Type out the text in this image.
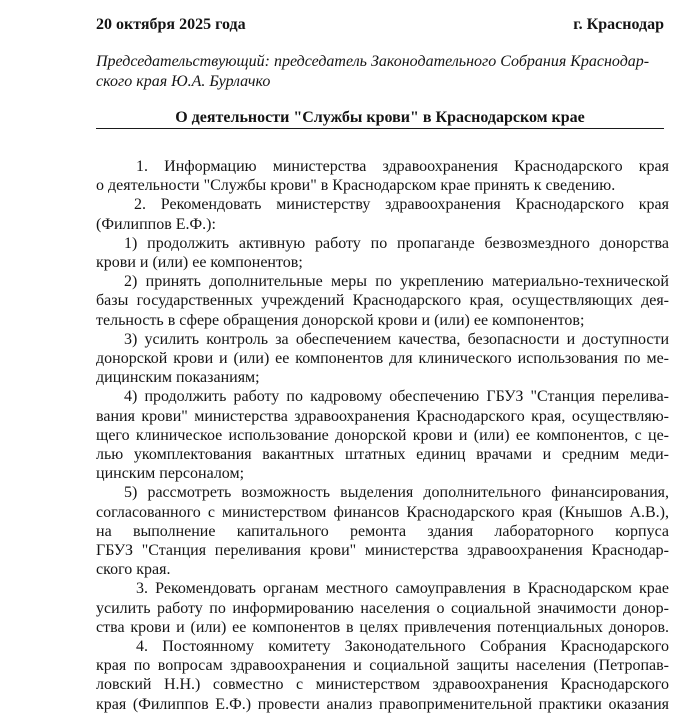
20 октября 2025 года	г. Краснодар
Председательствующий: председатель Законодательного Собрания Краснодар-
ского края Ю.А. Бурлачко
О деятельности "Службы крови" в Краснодарском крае
1. Информацию министерства здравоохранения Краснодарского края
о деятельности "Службы крови" в Краснодарском крае принять к сведению.
2. Рекомендовать министерству здравоохранения Краснодарского края
(Филиппов Е.Ф.):
1) продолжить активную работу по пропаганде безвозмездного донорства
крови и (или) ее компонентов;
2) принять дополнительные меры по укреплению материально-технической
базы государственных учреждений Краснодарского края, осуществляющих дея-
тельность в сфере обращения донорской крови и (или) ее компонентов;
3) усилить контроль за обеспечением качества, безопасности и доступности
донорской крови и (или) ее компонентов для клинического использования по ме-
дицинским показаниям;
4) продолжить работу по кадровому обеспечению ГБУЗ "Станция перелива-
вания крови" министерства здравоохранения Краснодарского края, осуществляю-
щего клиническое использование донорской крови и (или) ее компонентов, с це-
лью укомплектования вакантных штатных единиц врачами и средним меди-
цинским персоналом;
5) рассмотреть возможность выделения дополнительного финансирования,
согласованного с министерством финансов Краснодарского края (Кнышов А.В.),
на выполнение капитального ремонта здания лабораторного корпуса
ГБУЗ "Станция переливания крови" министерства здравоохранения Краснодар-
ского края.
3. Рекомендовать органам местного самоуправления в Краснодарском крае
усилить работу по информированию населения о социальной значимости доноp-
ства крови и (или) ее компонентов в целях привлечения потенциальных доноров.
4. Постоянному комитету Законодательного Собрания Краснодарского
края по вопросам здравоохранения и социальной защиты населения (Петропав-
ловский Н.Н.) совместно с министерством здравоохранения Краснодарского
края (Филиппов Е.Ф.) провести анализ правоприменительной практики оказания
